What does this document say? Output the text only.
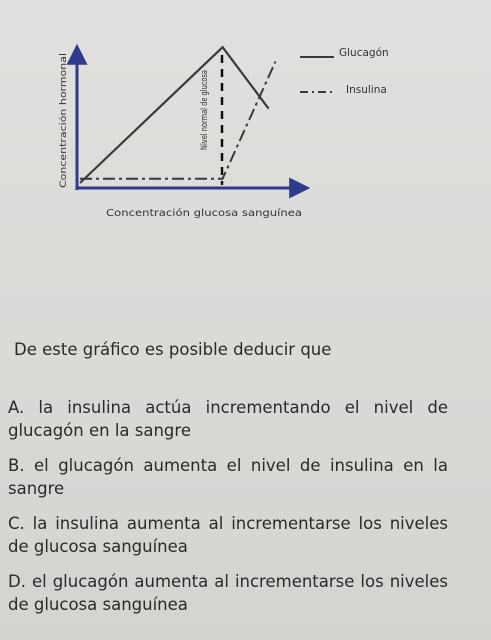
Concentración hormonal
Concentración glucosa sanguínea
Nivel normal de glucosa	Glucagón
Insulina
De este gráfico es posible deducir que
A. la insulina actúa incrementando el nivel de glucagón en la sangre
B. el glucagón aumenta el nivel de insulina en la sangre
C. la insulina aumenta al incrementarse los niveles de glucosa sanguínea
D. el glucagón aumenta al incrementarse los niveles de glucosa sanguínea
